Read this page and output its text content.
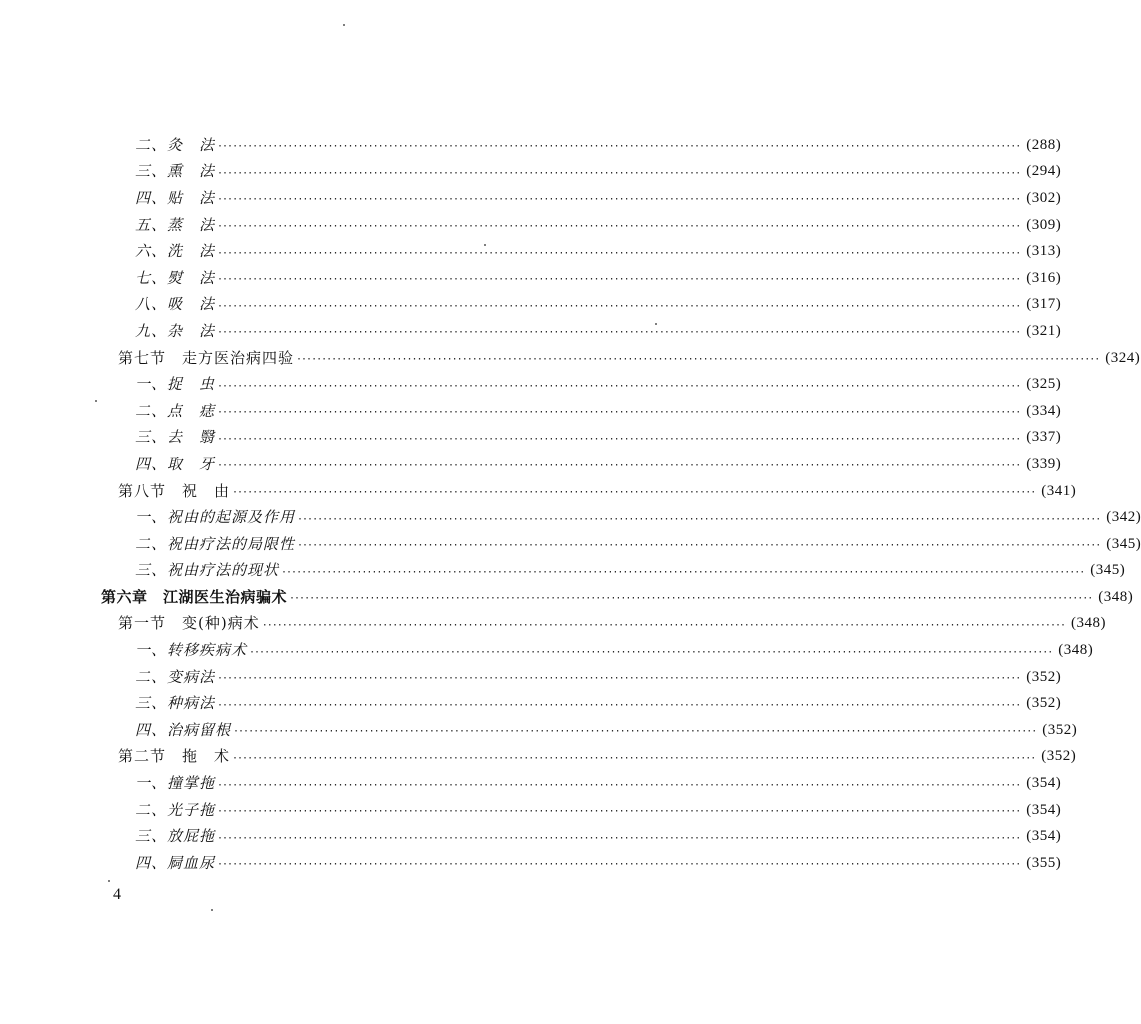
二、灸　法 ································································································································································ (288)
三、熏　法 ································································································································································ (294)
四、贴　法 ································································································································································ (302)
五、蒸　法 ································································································································································ (309)
六、洗　法 ································································································································································ (313)
七、熨　法 ································································································································································ (316)
八、吸　法 ································································································································································ (317)
九、杂　法 ································································································································································ (321)
第七节　走方医治病四验 ································································································································································ (324)
一、捉　虫 ································································································································································ (325)
二、点　痣 ································································································································································ (334)
三、去　翳 ································································································································································ (337)
四、取　牙 ································································································································································ (339)
第八节　祝　由 ································································································································································ (341)
一、祝由的起源及作用 ································································································································································ (342)
二、祝由疗法的局限性 ································································································································································ (345)
三、祝由疗法的现状 ································································································································································ (345)
第六章　江湖医生治病骗术 ································································································································································ (348)
第一节　变(种)病术 ································································································································································ (348)
一、转移疾病术 ································································································································································ (348)
二、变病法 ································································································································································ (352)
三、种病法 ································································································································································ (352)
四、治病留根 ································································································································································ (352)
第二节　拖　术 ································································································································································ (352)
一、撞掌拖 ································································································································································ (354)
二、光子拖 ································································································································································ (354)
三、放屁拖 ································································································································································ (354)
四、屙血尿 ································································································································································ (355)
4
